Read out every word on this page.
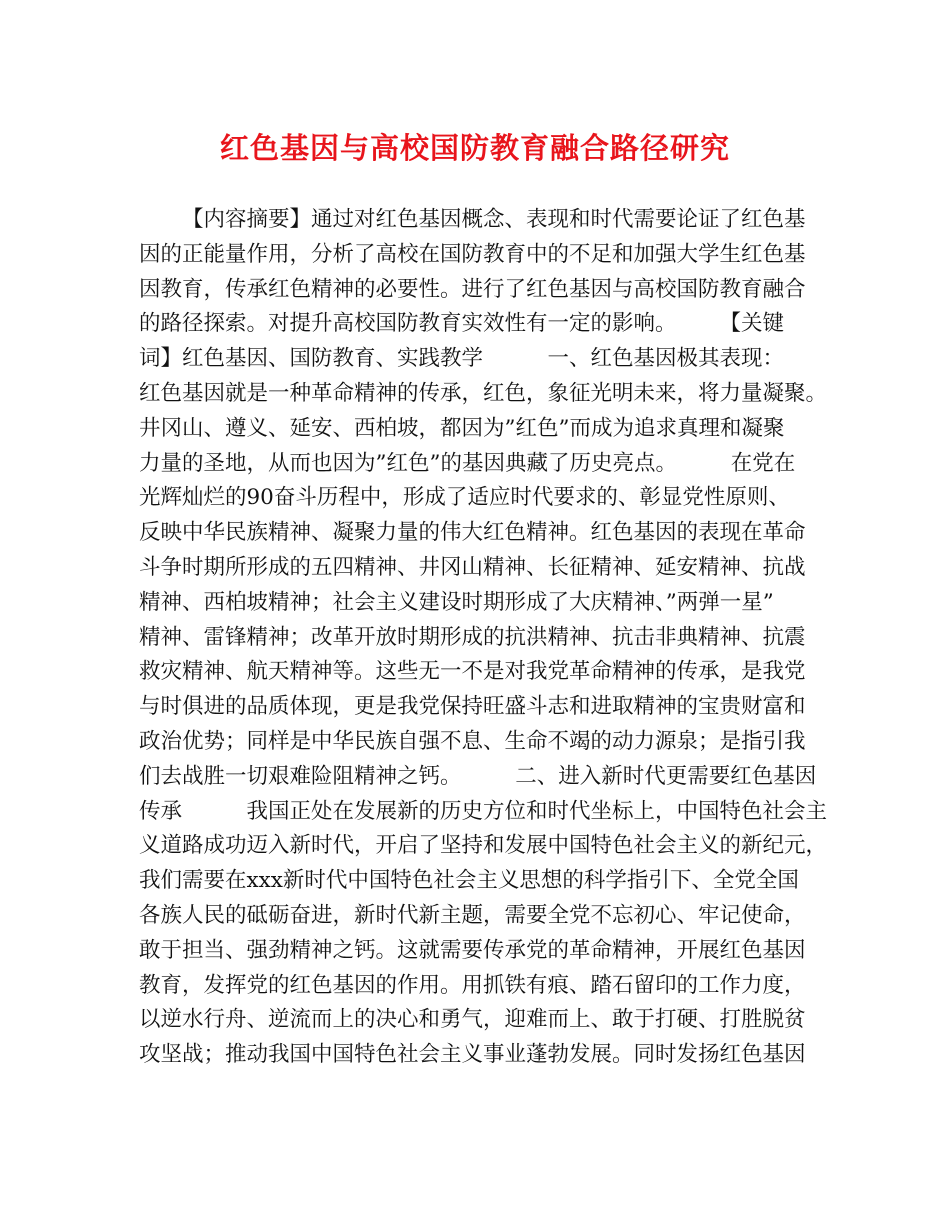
红色基因与高校国防教育融合路径研究
【内容摘要】通过对红色基因概念、表现和时代需要论证了红色基
因的正能量作用，分析了高校在国防教育中的不足和加强大学生红色基
因教育，传承红色精神的必要性。进行了红色基因与高校国防教育融合
的路径探索。对提升高校国防教育实效性有一定的影响。　　　【关键
词】红色基因、国防教育、实践教学　　　一、红色基因极其表现：
红色基因就是一种革命精神的传承，红色，象征光明未来，将力量凝聚。
井冈山、遵义、延安、西柏坡，都因为”红色”而成为追求真理和凝聚
力量的圣地，从而也因为”红色”的基因典藏了历史亮点。　　　在党在
光辉灿烂的90奋斗历程中，形成了适应时代要求的、彰显党性原则、
反映中华民族精神、凝聚力量的伟大红色精神。红色基因的表现在革命
斗争时期所形成的五四精神、井冈山精神、长征精神、延安精神、抗战
精神、西柏坡精神；社会主义建设时期形成了大庆精神、”两弹一星”
精神、雷锋精神；改革开放时期形成的抗洪精神、抗击非典精神、抗震
救灾精神、航天精神等。这些无一不是对我党革命精神的传承，是我党
与时俱进的品质体现，更是我党保持旺盛斗志和进取精神的宝贵财富和
政治优势；同样是中华民族自强不息、生命不竭的动力源泉；是指引我
们去战胜一切艰难险阻精神之钙。　　　二、进入新时代更需要红色基因
传承　　　我国正处在发展新的历史方位和时代坐标上，中国特色社会主
义道路成功迈入新时代，开启了坚持和发展中国特色社会主义的新纪元，
我们需要在xxx新时代中国特色社会主义思想的科学指引下、全党全国
各族人民的砥砺奋进，新时代新主题，需要全党不忘初心、牢记使命，
敢于担当、强劲精神之钙。这就需要传承党的革命精神，开展红色基因
教育，发挥党的红色基因的作用。用抓铁有痕、踏石留印的工作力度，
以逆水行舟、逆流而上的决心和勇气，迎难而上、敢于打硬、打胜脱贫
攻坚战；推动我国中国特色社会主义事业蓬勃发展。同时发扬红色基因
